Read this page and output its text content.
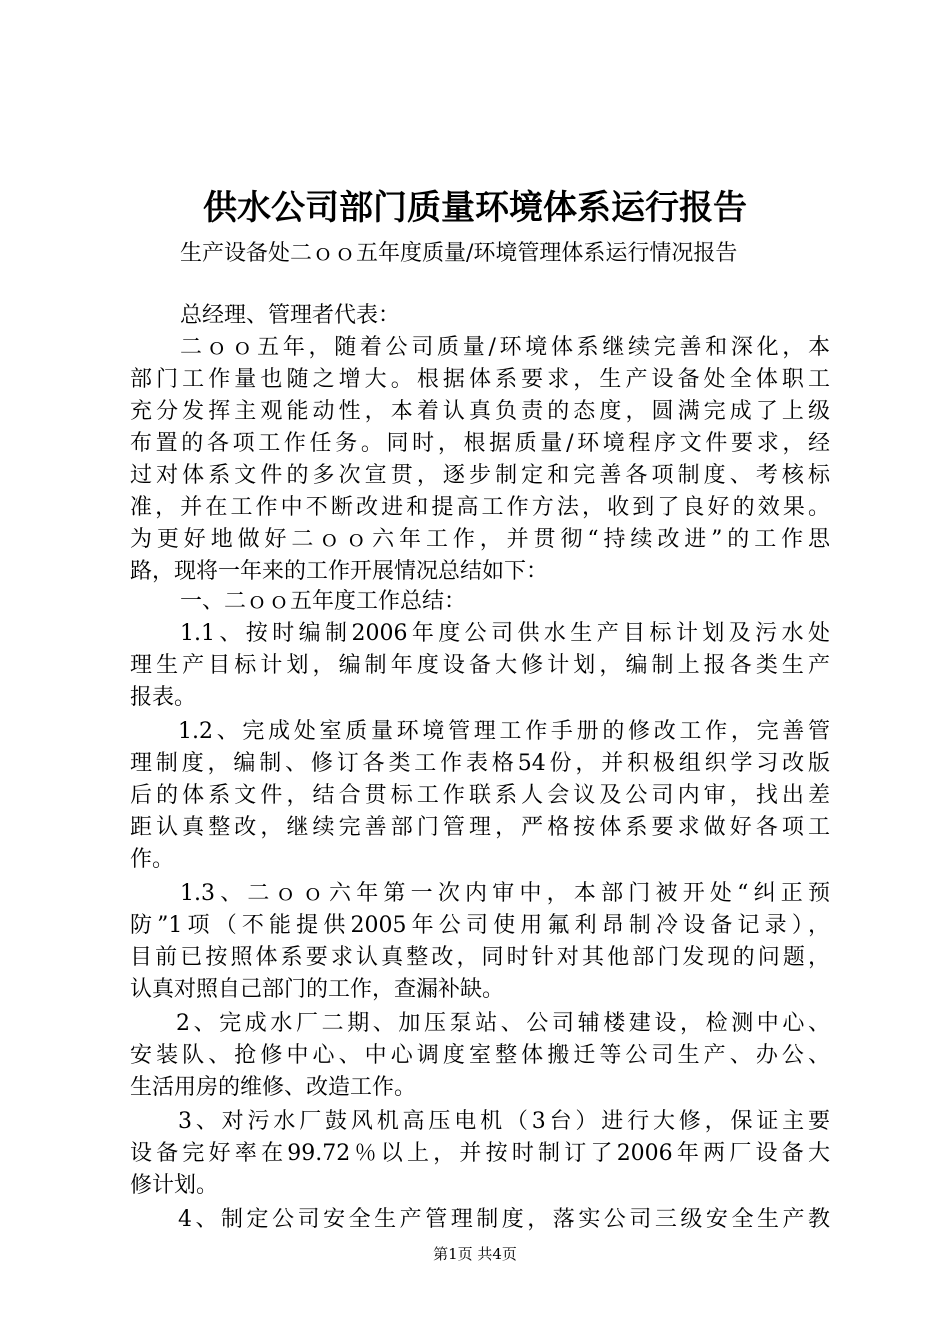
供水公司部门质量环境体系运行报告
生产设备处二ｏｏ五年度质量/环境管理体系运行情况报告
总经理、管理者代表：
二ｏｏ五年，随着公司质量/环境体系继续完善和深化，本
部门工作量也随之增大。根据体系要求，生产设备处全体职工
充分发挥主观能动性，本着认真负责的态度，圆满完成了上级
布置的各项工作任务。同时，根据质量/环境程序文件要求，经
过对体系文件的多次宣贯，逐步制定和完善各项制度、考核标
准，并在工作中不断改进和提高工作方法，收到了良好的效果。
为更好地做好二ｏｏ六年工作，并贯彻“持续改进”的工作思
路，现将一年来的工作开展情况总结如下：
一、二ｏｏ五年度工作总结：
1.1、按时编制2006年度公司供水生产目标计划及污水处
理生产目标计划，编制年度设备大修计划，编制上报各类生产
报表。
1.2、完成处室质量环境管理工作手册的修改工作，完善管
理制度，编制、修订各类工作表格54份，并积极组织学习改版
后的体系文件，结合贯标工作联系人会议及公司内审，找出差
距认真整改，继续完善部门管理，严格按体系要求做好各项工
作。
1.3、二ｏｏ六年第一次内审中，本部门被开处“纠正预
防”1项（不能提供2005年公司使用氟利昂制冷设备记录），
目前已按照体系要求认真整改，同时针对其他部门发现的问题，
认真对照自己部门的工作，查漏补缺。
2、完成水厂二期、加压泵站、公司辅楼建设，检测中心、
安装队、抢修中心、中心调度室整体搬迁等公司生产、办公、
生活用房的维修、改造工作。
3、对污水厂鼓风机高压电机（3台）进行大修，保证主要
设备完好率在99.72％以上，并按时制订了2006年两厂设备大
修计划。
4、制定公司安全生产管理制度，落实公司三级安全生产教
第1页 共4页
